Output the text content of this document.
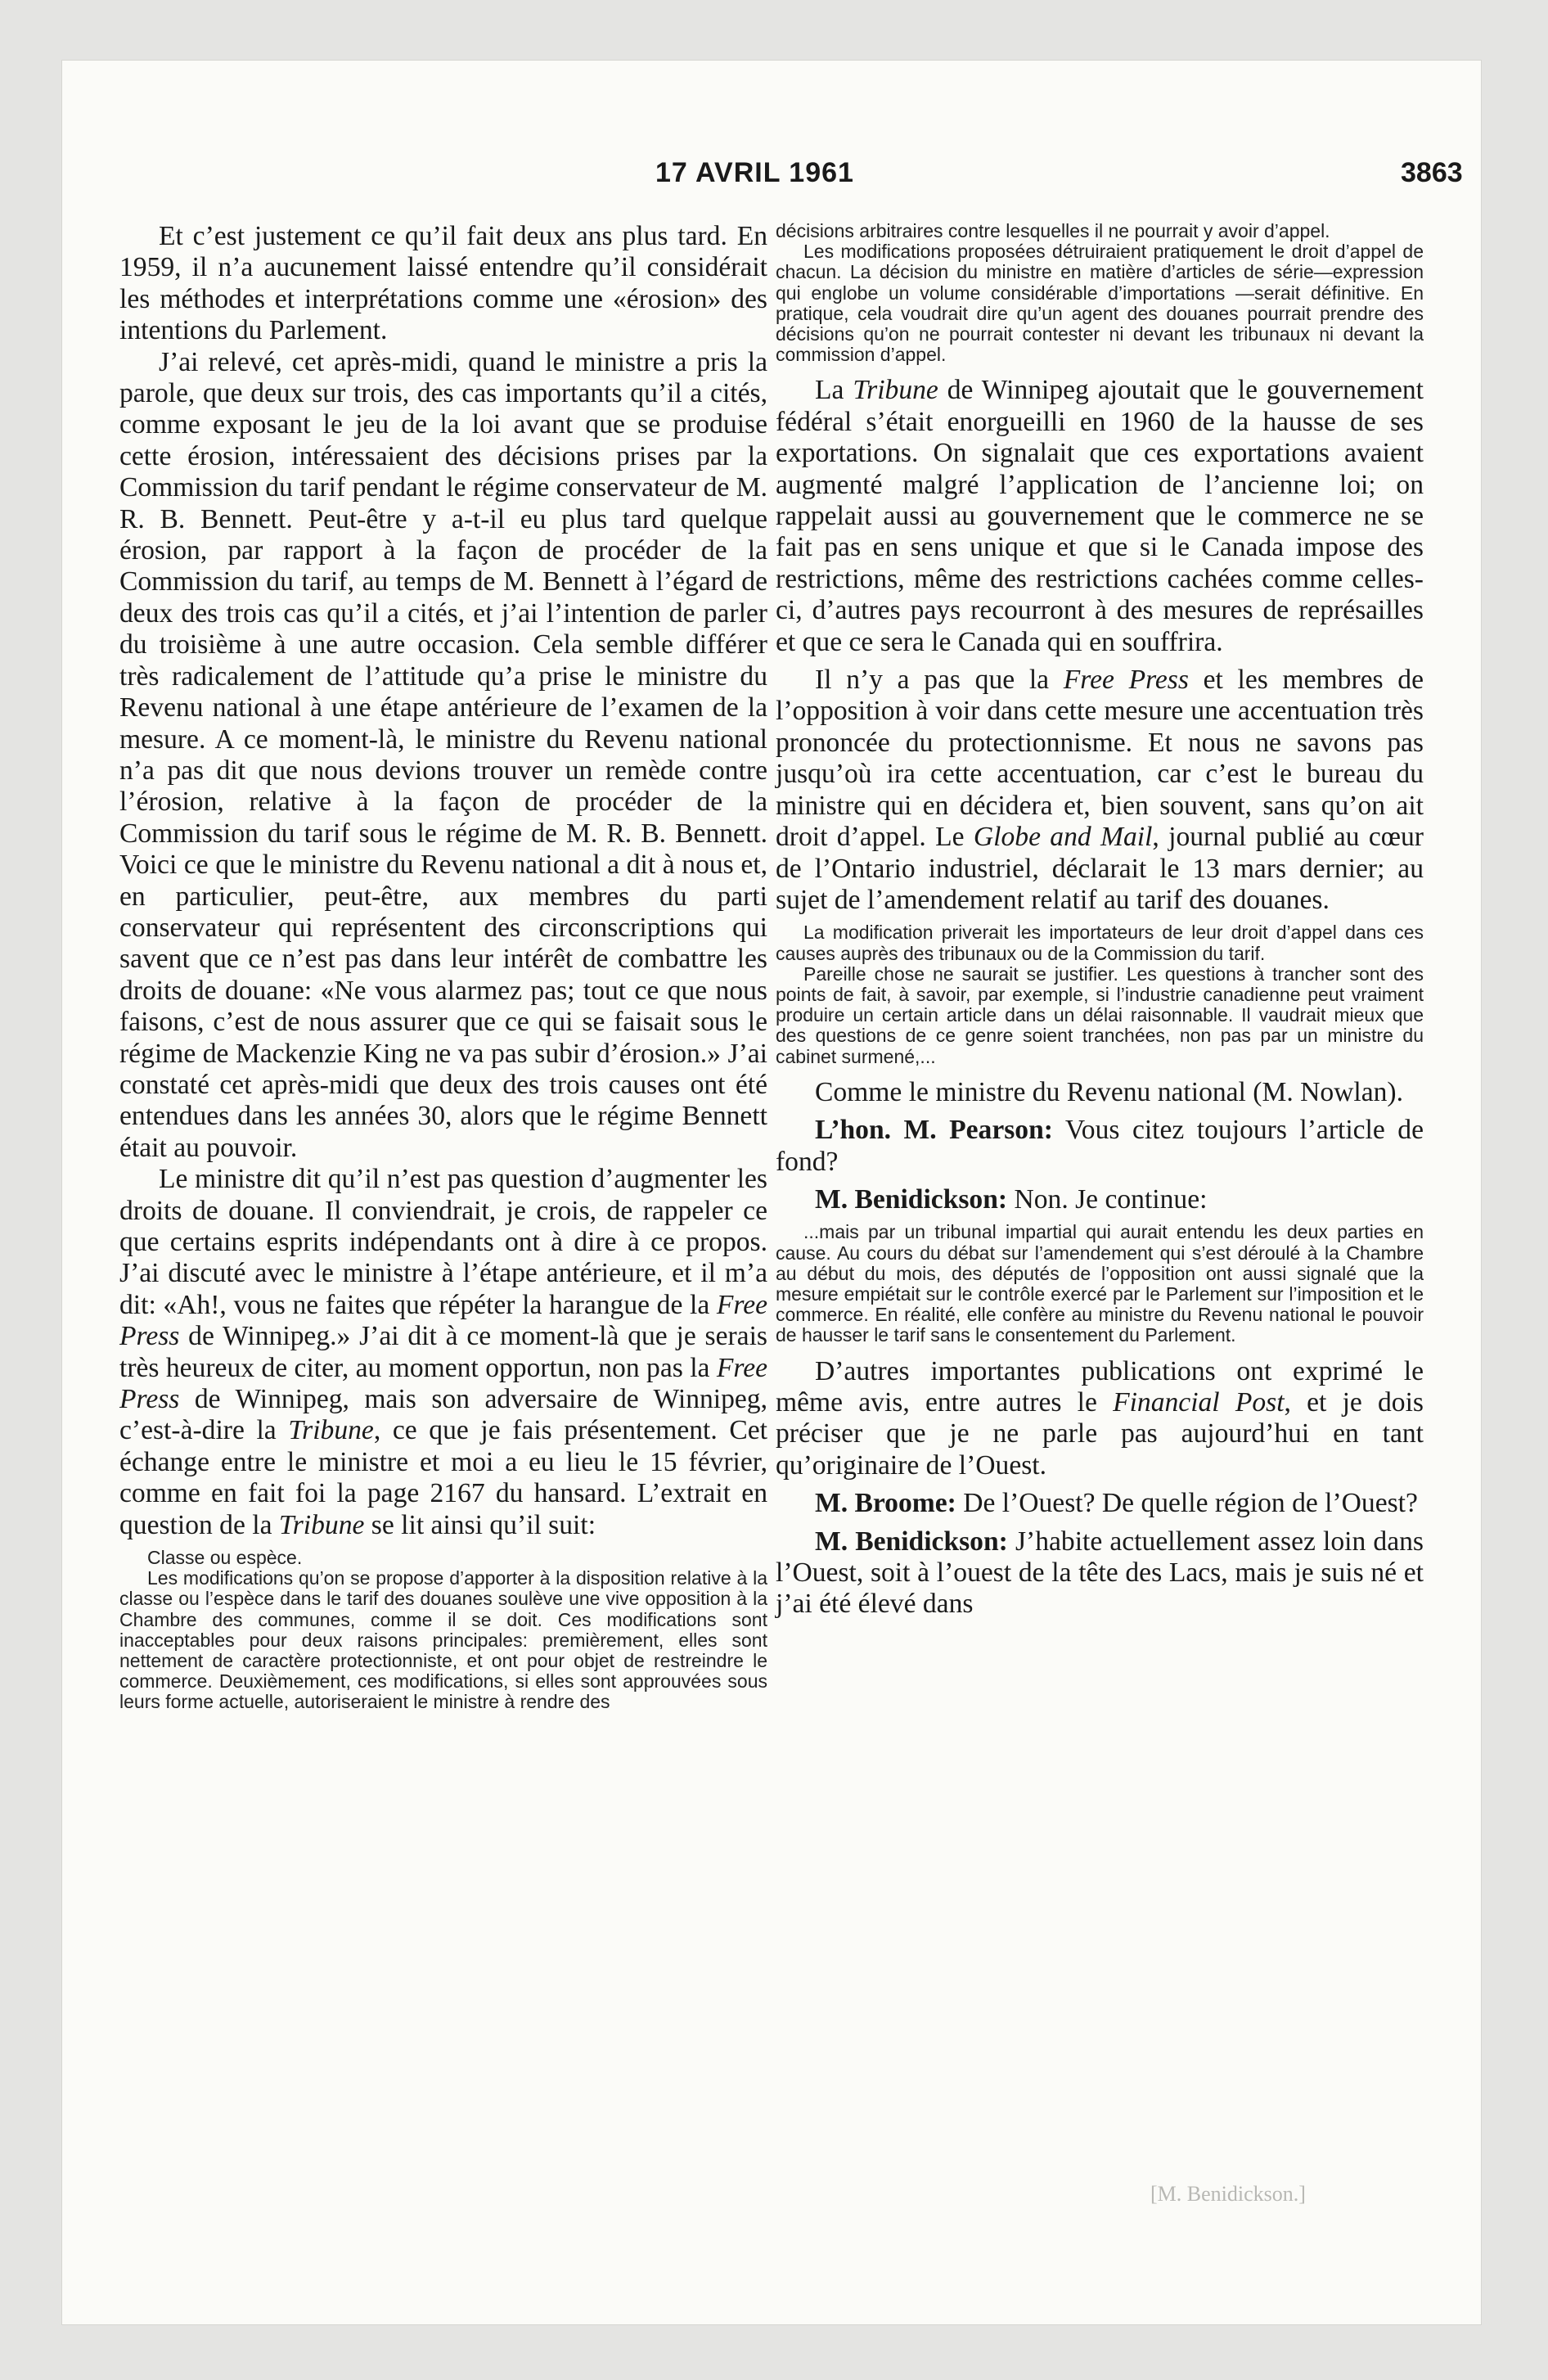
17 AVRIL 1961	3863

Et c’est justement ce qu’il fait deux ans plus tard. En 1959, il n’a aucunement laissé entendre qu’il considérait les méthodes et interprétations comme une «érosion» des intentions du Parlement.

J’ai relevé, cet après-midi, quand le ministre a pris la parole, que deux sur trois, des cas importants qu’il a cités, comme exposant le jeu de la loi avant que se produise cette érosion, intéressaient des décisions prises par la Commission du tarif pendant le régime conservateur de M. R. B. Bennett. Peut-être y a-t-il eu plus tard quelque érosion, par rapport à la façon de procéder de la Commission du tarif, au temps de M. Bennett à l’égard de deux des trois cas qu’il a cités, et j’ai l’intention de parler du troisième à une autre occasion. Cela semble différer très radicalement de l’attitude qu’a prise le ministre du Revenu national à une étape antérieure de l’examen de la mesure. A ce moment-là, le ministre du Revenu national n’a pas dit que nous devions trouver un remède contre l’érosion, relative à la façon de procéder de la Commission du tarif sous le régime de M. R. B. Bennett. Voici ce que le ministre du Revenu national a dit à nous et, en particulier, peut-être, aux membres du parti conservateur qui représentent des circonscriptions qui savent que ce n’est pas dans leur intérêt de combattre les droits de douane: «Ne vous alarmez pas; tout ce que nous faisons, c’est de nous assurer que ce qui se faisait sous le régime de Mackenzie King ne va pas subir d’érosion.» J’ai constaté cet après-midi que deux des trois causes ont été entendues dans les années 30, alors que le régime Bennett était au pouvoir.

Le ministre dit qu’il n’est pas question d’augmenter les droits de douane. Il conviendrait, je crois, de rappeler ce que certains esprits indépendants ont à dire à ce propos. J’ai discuté avec le ministre à l’étape antérieure, et il m’a dit: «Ah!, vous ne faites que répéter la harangue de la Free Press de Winnipeg.» J’ai dit à ce moment-là que je serais très heureux de citer, au moment opportun, non pas la Free Press de Winnipeg, mais son adversaire de Winnipeg, c’est-à-dire la Tribune, ce que je fais présentement. Cet échange entre le ministre et moi a eu lieu le 15 février, comme en fait foi la page 2167 du hansard. L’extrait en question de la Tribune se lit ainsi qu’il suit:

Classe ou espèce.

Les modifications qu’on se propose d’apporter à la disposition relative à la classe ou l’espèce dans le tarif des douanes soulève une vive opposition à la Chambre des communes, comme il se doit. Ces modifications sont inacceptables pour deux raisons principales: premièrement, elles sont nettement de caractère protectionniste, et ont pour objet de restreindre le commerce. Deuxièmement, ces modifications, si elles sont approuvées sous leurs forme actuelle, autoriseraient le ministre à rendre des

décisions arbitraires contre lesquelles il ne pourrait y avoir d’appel.

Les modifications proposées détruiraient pratiquement le droit d’appel de chacun. La décision du ministre en matière d’articles de série—expression qui englobe un volume considérable d’importations —serait définitive. En pratique, cela voudrait dire qu’un agent des douanes pourrait prendre des décisions qu’on ne pourrait contester ni devant les tribunaux ni devant la commission d’appel.

La Tribune de Winnipeg ajoutait que le gouvernement fédéral s’était enorgueilli en 1960 de la hausse de ses exportations. On signalait que ces exportations avaient augmenté malgré l’application de l’ancienne loi; on rappelait aussi au gouvernement que le commerce ne se fait pas en sens unique et que si le Canada impose des restrictions, même des restrictions cachées comme celles-ci, d’autres pays recourront à des mesures de représailles et que ce sera le Canada qui en souffrira.

Il n’y a pas que la Free Press et les membres de l’opposition à voir dans cette mesure une accentuation très prononcée du protectionnisme. Et nous ne savons pas jusqu’où ira cette accentuation, car c’est le bureau du ministre qui en décidera et, bien souvent, sans qu’on ait droit d’appel. Le Globe and Mail, journal publié au cœur de l’Ontario industriel, déclarait le 13 mars dernier; au sujet de l’amendement relatif au tarif des douanes.

La modification priverait les importateurs de leur droit d’appel dans ces causes auprès des tribunaux ou de la Commission du tarif.

Pareille chose ne saurait se justifier. Les questions à trancher sont des points de fait, à savoir, par exemple, si l’industrie canadienne peut vraiment produire un certain article dans un délai raisonnable. Il vaudrait mieux que des questions de ce genre soient tranchées, non pas par un ministre du cabinet surmené,...

Comme le ministre du Revenu national (M. Nowlan).

L’hon. M. Pearson: Vous citez toujours l’article de fond?

M. Benidickson: Non. Je continue:

...mais par un tribunal impartial qui aurait entendu les deux parties en cause. Au cours du débat sur l’amendement qui s’est déroulé à la Chambre au début du mois, des députés de l’opposition ont aussi signalé que la mesure empiétait sur le contrôle exercé par le Parlement sur l’imposition et le commerce. En réalité, elle confère au ministre du Revenu national le pouvoir de hausser le tarif sans le consentement du Parlement.

D’autres importantes publications ont exprimé le même avis, entre autres le Financial Post, et je dois préciser que je ne parle pas aujourd’hui en tant qu’originaire de l’Ouest.

M. Broome: De l’Ouest? De quelle région de l’Ouest?

M. Benidickson: J’habite actuellement assez loin dans l’Ouest, soit à l’ouest de la tête des Lacs, mais je suis né et j’ai été élevé dans

[M. Benidickson.]
